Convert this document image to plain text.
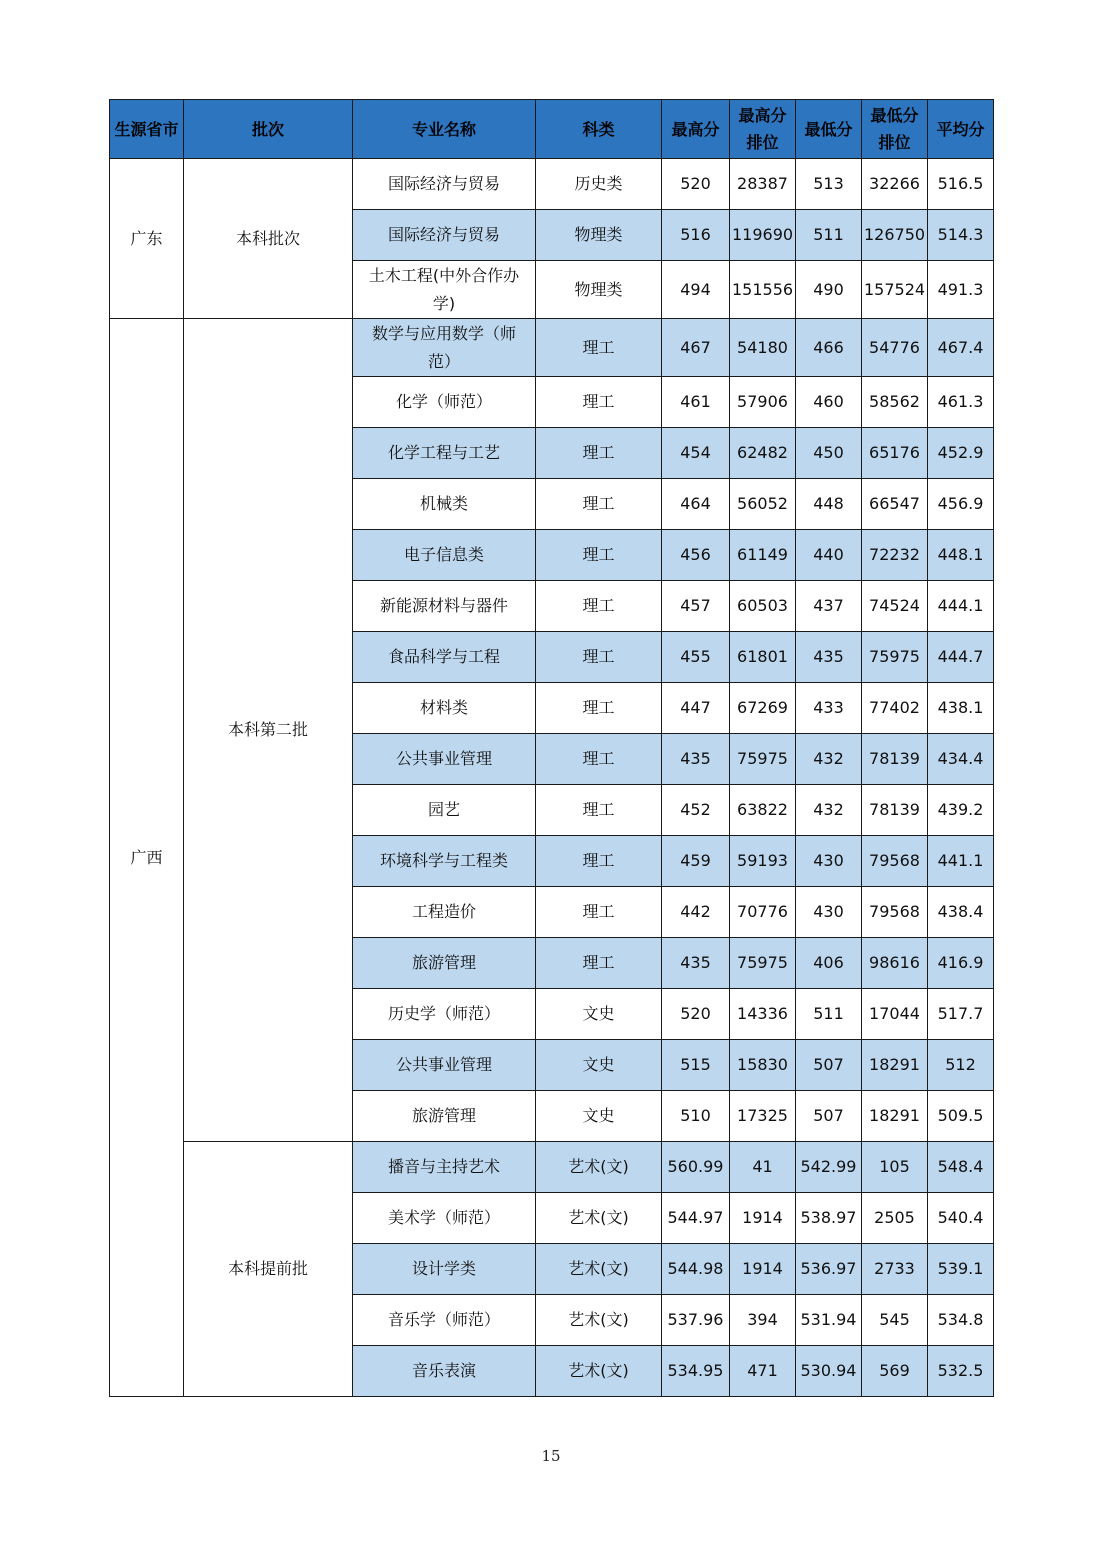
生源省市	批次	专业名称	科类	最高分	最高分排位	最低分	最低分排位	平均分
广东	本科批次	国际经济与贸易	历史类	520	28387	513	32266	516.5
		国际经济与贸易	物理类	516	119690	511	126750	514.3
		土木工程(中外合作办学)	物理类	494	151556	490	157524	491.3
广西	本科第二批	数学与应用数学（师范）	理工	467	54180	466	54776	467.4
		化学（师范）	理工	461	57906	460	58562	461.3
		化学工程与工艺	理工	454	62482	450	65176	452.9
		机械类	理工	464	56052	448	66547	456.9
		电子信息类	理工	456	61149	440	72232	448.1
		新能源材料与器件	理工	457	60503	437	74524	444.1
		食品科学与工程	理工	455	61801	435	75975	444.7
		材料类	理工	447	67269	433	77402	438.1
		公共事业管理	理工	435	75975	432	78139	434.4
		园艺	理工	452	63822	432	78139	439.2
		环境科学与工程类	理工	459	59193	430	79568	441.1
		工程造价	理工	442	70776	430	79568	438.4
		旅游管理	理工	435	75975	406	98616	416.9
		历史学（师范）	文史	520	14336	511	17044	517.7
		公共事业管理	文史	515	15830	507	18291	512
		旅游管理	文史	510	17325	507	18291	509.5
	本科提前批	播音与主持艺术	艺术(文)	560.99	41	542.99	105	548.4
		美术学（师范）	艺术(文)	544.97	1914	538.97	2505	540.4
		设计学类	艺术(文)	544.98	1914	536.97	2733	539.1
		音乐学（师范）	艺术(文)	537.96	394	531.94	545	534.8
		音乐表演	艺术(文)	534.95	471	530.94	569	532.5
15
